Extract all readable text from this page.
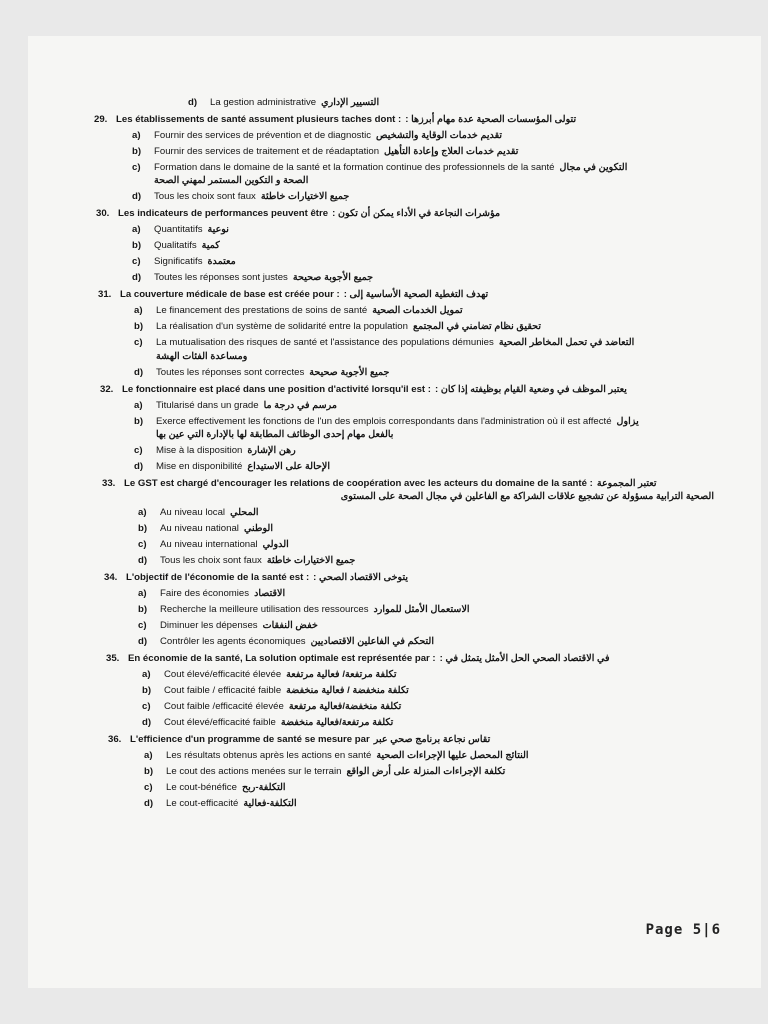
d)	La gestion administrative التسيير الإداري
29. Les établissements de santé assument plusieurs taches dont : تتولى المؤسسات الصحية عدة مهام أبرزها :
a)	Fournir des services de prévention et de diagnostic تقديم خدمات الوقاية والتشخيص
b)	Fournir des services de traitement et de réadaptation تقديم خدمات العلاج وإعادة التأهيل
c)	Formation dans le domaine de la santé et la formation continue des professionnels de la santé التكوين في مجال
الصحة و التكوين المستمر لمهني الصحة
d)	Tous les choix sont faux جميع الاختيارات خاطئة
30. Les indicateurs de performances peuvent être مؤشرات النجاعة في الأداء يمكن أن تكون :
a)	Quantitatifs نوعية
b)	Qualitatifs كمية
c)	Significatifs معتمدة
d)	Toutes les réponses sont justes جميع الأجوبة صحيحة
31. La couverture médicale de base est créée pour : تهدف التغطية الصحية الأساسية إلى :
a)	Le financement des prestations de soins de santé تمويل الخدمات الصحية
b)	La réalisation d'un système de solidarité entre la population تحقيق نظام تضامني في المجتمع
c)	La mutualisation des risques de santé et l'assistance des populations démunies التعاضد في تحمل المخاطر الصحية
ومساعدة الفئات الهشة
d)	Toutes les réponses sont correctes جميع الأجوبة صحيحة
32. Le fonctionnaire est placé dans une position d'activité lorsqu'il est : يعتبر الموظف في وضعية القيام بوظيفته إذا كان :
a)	Titularisé dans un grade مرسم في درجة ما
b)	Exerce effectivement les fonctions de l'un des emplois correspondants dans l'administration où il est affecté يزاول
بالفعل مهام إحدى الوظائف المطابقة لها بالإدارة التي عين بها
c)	Mise à la disposition رهن الإشارة
d)	Mise en disponibilité الإحالة على الاستيداع
33. Le GST est chargé d'encourager les relations de coopération avec les acteurs du domaine de la santé : تعتبر المجموعة
الصحية الترابية مسؤولة عن تشجيع علاقات الشراكة مع الفاعلين في مجال الصحة على المستوى
a)	Au niveau local المحلي
b)	Au niveau national الوطني
c)	Au niveau international الدولي
d)	Tous les choix sont faux جميع الاختيارات خاطئة
34. L'objectif de l'économie de la santé est : يتوخى الاقتصاد الصحي :
a)	Faire des économies الاقتصاد
b)	Recherche la meilleure utilisation des ressources الاستعمال الأمثل للموارد
c)	Diminuer les dépenses خفض النفقات
d)	Contrôler les agents économiques التحكم في الفاعلين الاقتصاديين
35. En économie de la santé, La solution optimale est représentée par : في الاقتصاد الصحي الحل الأمثل يتمثل في :
a)	Cout élevé/efficacité élevée تكلفة مرتفعة/ فعالية مرتفعة
b)	Cout faible / efficacité faible تكلفة منخفضة / فعالية منخفضة
c)	Cout faible /efficacité élevée تكلفة منخفضة/فعالية مرتفعة
d)	Cout élevé/efficacité faible تكلفة مرتفعة/فعالية منخفضة
36. L'efficience d'un programme de santé se mesure par تقاس نجاعة برنامج صحي عبر
a)	Les résultats obtenus après les actions en santé النتائج المحصل عليها الإجراءات الصحية
b)	Le cout des actions menées sur le terrain تكلفة الإجراءات المنزلة على أرض الواقع
c)	Le cout-bénéfice التكلفة-ربح
d)	Le cout-efficacité التكلفة-فعالية
Page 5|6
